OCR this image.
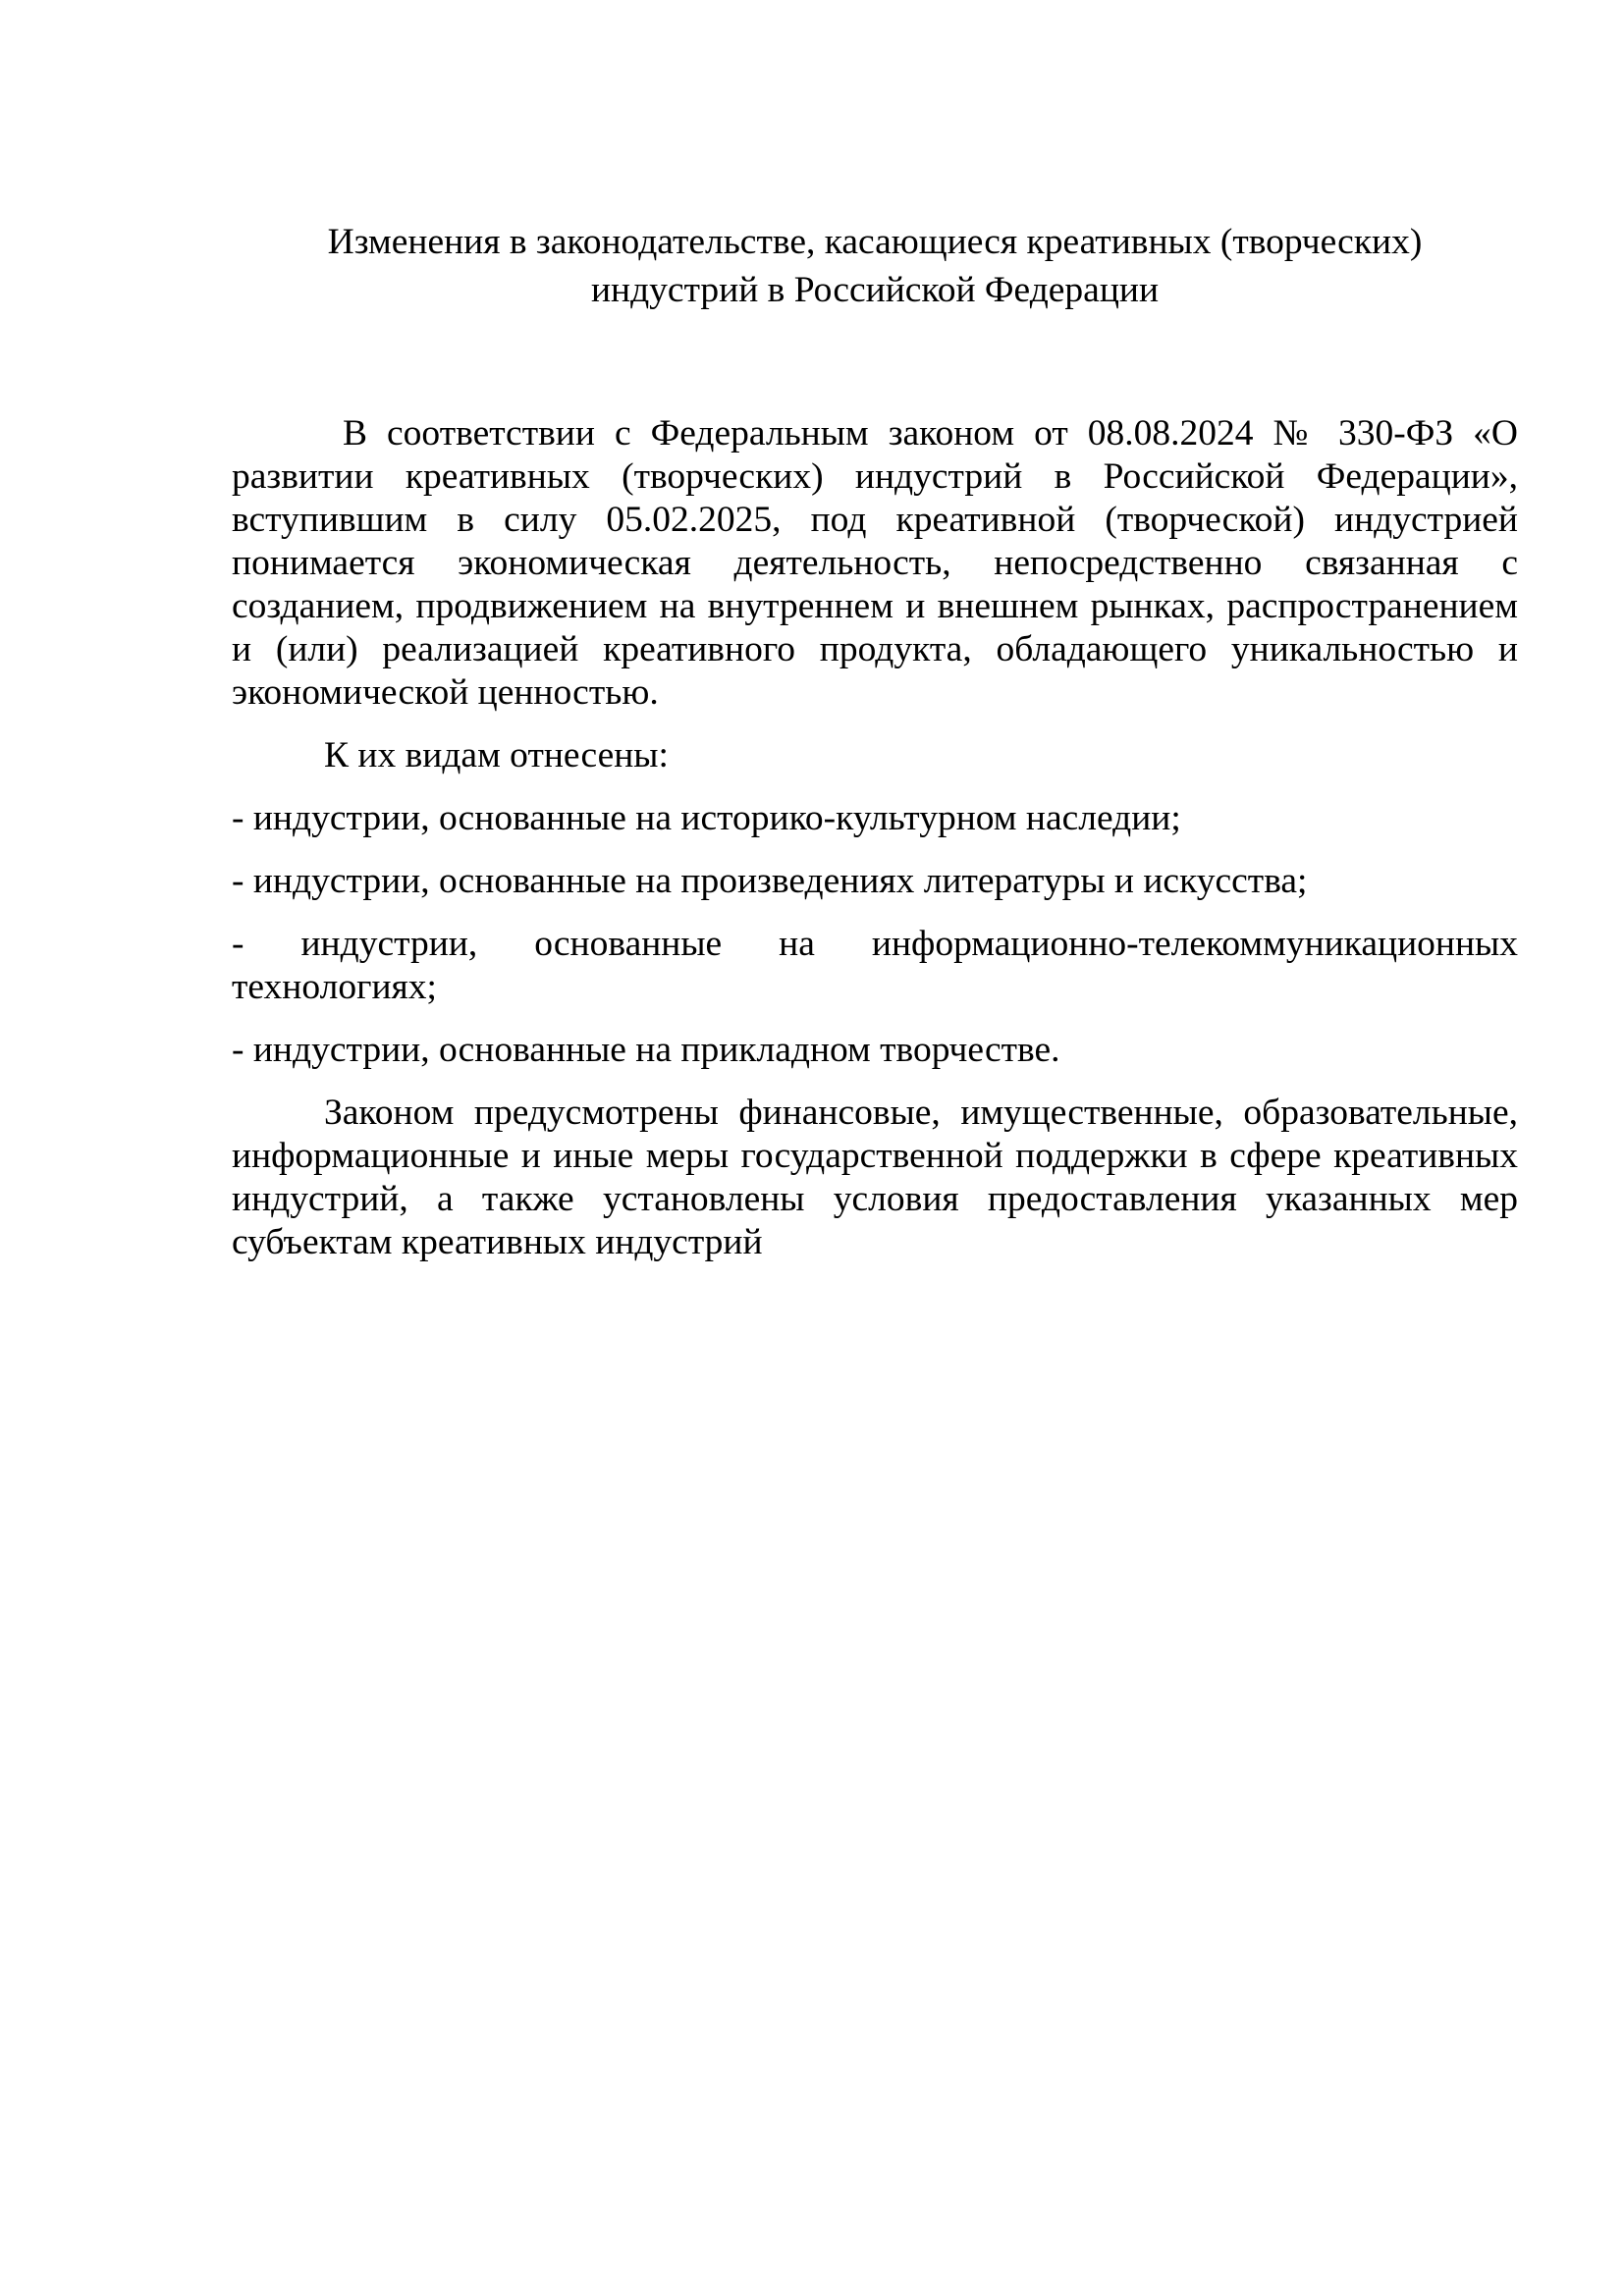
Изменения в законодательстве, касающиеся креативных (творческих)
индустрий в Российской Федерации

В соответствии с Федеральным законом от 08.08.2024 № 330-ФЗ «О развитии креативных (творческих) индустрий в Российской Федерации», вступившим в силу 05.02.2025, под креативной (творческой) индустрией понимается экономическая деятельность, непосредственно связанная с созданием, продвижением на внутреннем и внешнем рынках, распространением и (или) реализацией креативного продукта, обладающего уникальностью и экономической ценностью.

К их видам отнесены:

- индустрии, основанные на историко-культурном наследии;

- индустрии, основанные на произведениях литературы и искусства;

- индустрии, основанные на информационно-телекоммуникационных технологиях;

- индустрии, основанные на прикладном творчестве.

Законом предусмотрены финансовые, имущественные, образовательные, информационные и иные меры государственной поддержки в сфере креативных индустрий, а также установлены условия предоставления указанных мер субъектам креативных индустрий
